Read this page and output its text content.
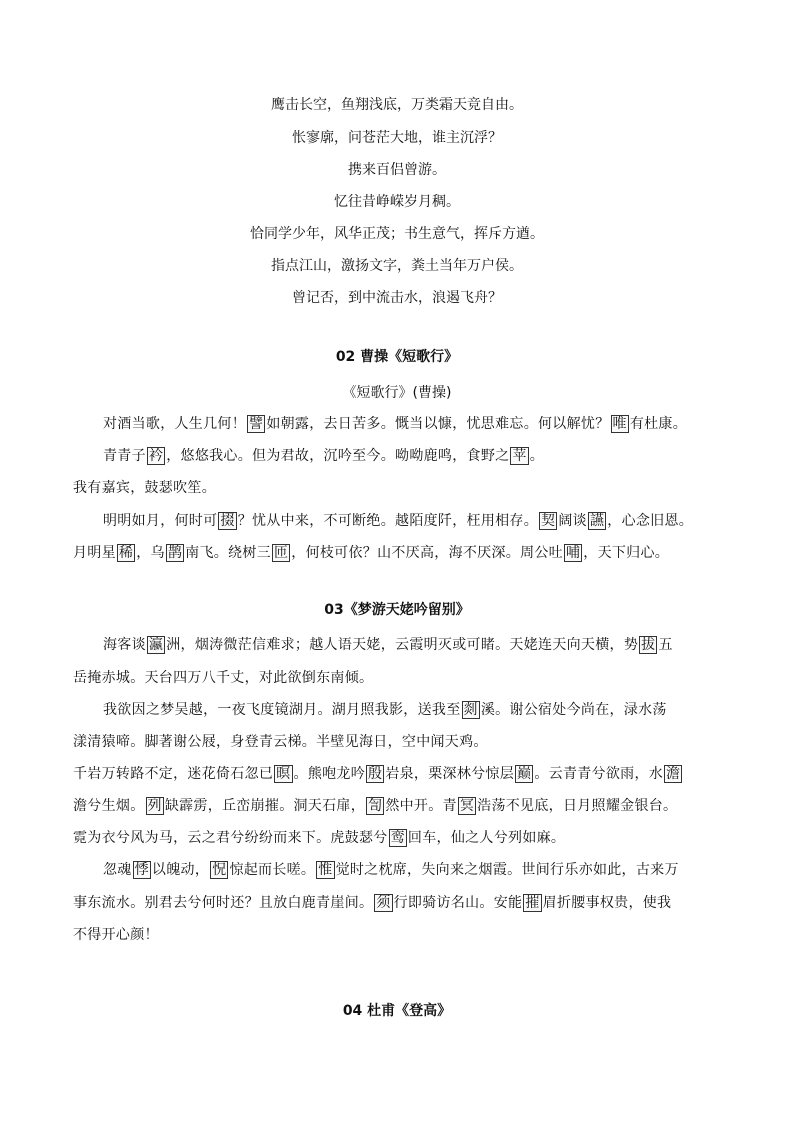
鹰击长空，鱼翔浅底，万类霜天竞自由。
怅寥廓，问苍茫大地，谁主沉浮？
携来百侣曾游。
忆往昔峥嵘岁月稠。
恰同学少年，风华正茂；书生意气，挥斥方遒。
指点江山，激扬文字，粪土当年万户侯。
曾记否，到中流击水，浪遏飞舟？
02 曹操《短歌行》
《短歌行》(曹操)
对酒当歌，人生几何！ 譬 如朝露，去日苦多。慨当以慷，忧思难忘。何以解忧？ 唯 有杜康。
青青子 衿 ，悠悠我心。但为君故，沉吟至今。呦呦鹿鸣，食野之 苹 。
我有嘉宾，鼓瑟吹笙。
明明如月，何时可 掇 ？忧从中来，不可断绝。越陌度阡，枉用相存。 契 阔谈 讌 ，心念旧恩。
月明星 稀 ，乌 鹊 南飞。绕树三 匝 ，何枝可依？山不厌高，海不厌深。周公吐 哺 ，天下归心。
03《梦游天姥吟留别》
海客谈 瀛 洲，烟涛微茫信难求；越人语天姥，云霞明灭或可睹。天姥连天向天横，势 拔 五
岳掩赤城。天台四万八千丈，对此欲倒东南倾。
我欲因之梦吴越，一夜飞度镜湖月。湖月照我影，送我至 剡 溪。谢公宿处今尚在，渌水荡
漾清猿啼。脚著谢公屐，身登青云梯。半壁见海日，空中闻天鸡。
千岩万转路不定，迷花倚石忽已 暝 。熊咆龙吟 殷 岩泉，栗深林兮惊层 巅 。云青青兮欲雨，水 澹
澹兮生烟。 列 缺霹雳，丘峦崩摧。洞天石扉， 訇 然中开。青 冥 浩荡不见底，日月照耀金银台。
霓为衣兮风为马，云之君兮纷纷而来下。虎鼓瑟兮 鸾 回车，仙之人兮列如麻。
忽魂 悸 以魄动， 怳 惊起而长嗟。 惟 觉时之枕席，失向来之烟霞。世间行乐亦如此，古来万
事东流水。别君去兮何时还？且放白鹿青崖间。 须 行即骑访名山。安能 摧 眉折腰事权贵，使我
不得开心颜！
04 杜甫《登高》
